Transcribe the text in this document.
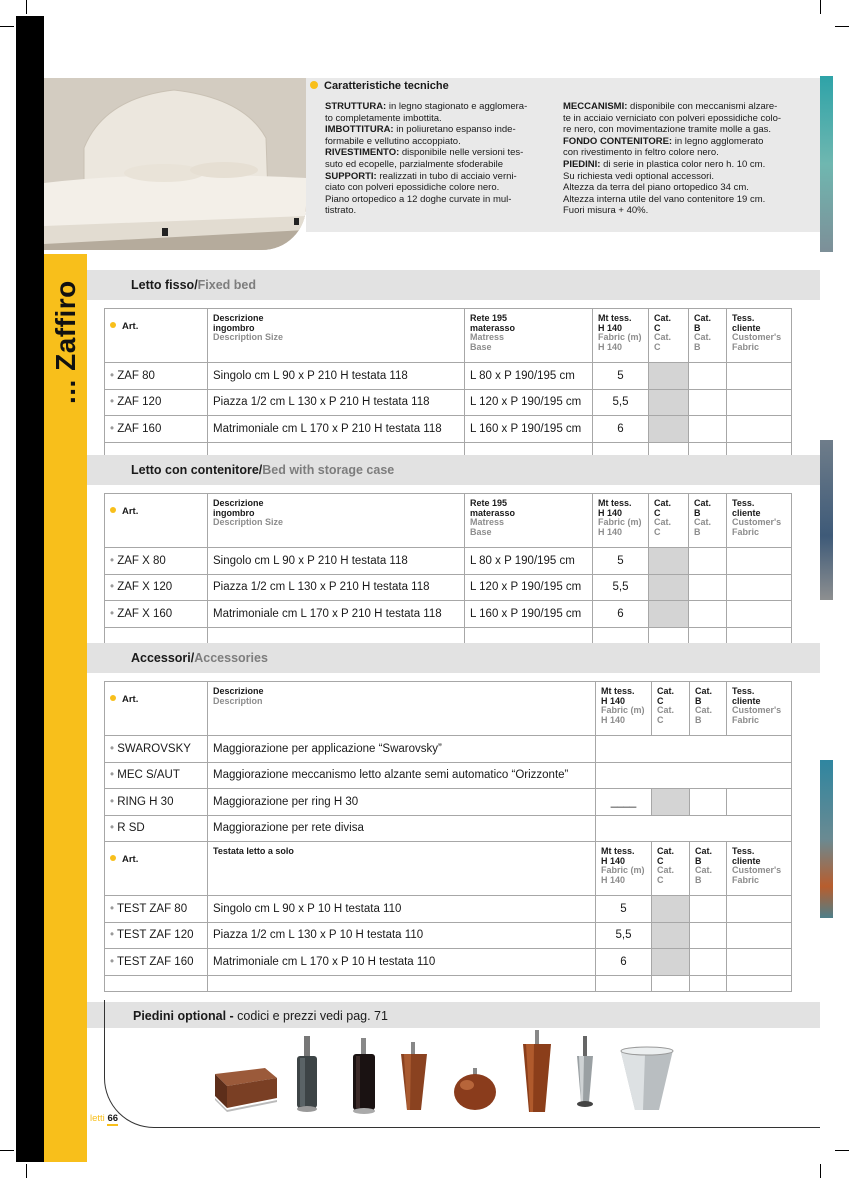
... Zaffiro
Caratteristiche tecniche
STRUTTURA: in legno stagionato e agglomera-
to completamente imbottita.
IMBOTTITURA: in poliuretano espanso inde-
formabile e vellutino accoppiato.
RIVESTIMENTO: disponibile nelle versioni tes-
suto ed ecopelle, parzialmente sfoderabile
SUPPORTI: realizzati in tubo di acciaio verni-
ciato con polveri epossidiche colore nero.
Piano ortopedico a 12 doghe curvate in mul-
tistrato.
MECCANISMI: disponibile con meccanismi alzare-
te in acciaio verniciato con polveri epossidiche colo-
re nero, con movimentazione tramite molle a gas.
FONDO CONTENITORE: in legno agglomerato
con rivestimento in feltro colore nero.
PIEDINI: di serie in plastica color nero h. 10 cm.
Su richiesta vedi optional accessori.
Altezza da terra del piano ortopedico 34 cm.
Altezza interna utile del vano contenitore 19 cm.
Fuori misura + 40%.
Letto fisso/Fixed bed
Art.	Descrizione
ingombro
Description Size	Rete 195
materasso
Matress
Base	Mt tess.
H 140
Fabric (m)
H 140	Cat.
C
Cat.
C	Cat.
B
Cat.
B	Tess.
cliente
Customer's
Fabric

• ZAF 80	Singolo cm L 90 x P 210 H testata 118	L 80 x P 190/195 cm	5			
• ZAF 120	Piazza 1/2 cm L 130 x P 210 H testata 118	L 120 x P 190/195 cm	5,5			
• ZAF 160	Matrimoniale cm L 170 x P 210 H testata 118	L 160 x P 190/195 cm	6			

Letto con contenitore/Bed with storage case
Art.	Descrizione
ingombro
Description Size	Rete 195
materasso
Matress
Base	Mt tess.
H 140
Fabric (m)
H 140	Cat.
C
Cat.
C	Cat.
B
Cat.
B	Tess.
cliente
Customer's
Fabric

• ZAF X 80	Singolo cm L 90 x P 210 H testata 118	L 80 x P 190/195 cm	5			
• ZAF X 120	Piazza 1/2 cm L 130 x P 210 H testata 118	L 120 x P 190/195 cm	5,5			
• ZAF X 160	Matrimoniale cm L 170 x P 210 H testata 118	L 160 x P 190/195 cm	6			

Accessori/Accessories
Art.	Descrizione
Description	Mt tess.
H 140
Fabric (m)
H 140	Cat.
C
Cat.
C	Cat.
B
Cat.
B	Tess.
cliente
Customer's
Fabric

• SWAROVSKY	Maggiorazione per applicazione “Swarovsky”				
• MEC S/AUT	Maggiorazione meccanismo letto alzante semi automatico “Orizzonte”				
• RING H 30	Maggiorazione per ring H 30	____			
• R SD	Maggiorazione per rete divisa				
Art.	Testata letto a solo	Mt tess.
H 140
Fabric (m)
H 140	Cat.
C
Cat.
C	Cat.
B
Cat.
B	Tess.
cliente
Customer's
Fabric

• TEST ZAF 80	Singolo cm L 90 x P 10 H testata 110	5			
• TEST ZAF 120	Piazza 1/2 cm L 130 x P 10 H testata 110	5,5			
• TEST ZAF 160	Matrimoniale cm L 170 x P 10 H testata 110	6			

Piedini optional - codici e prezzi vedi pag. 71
letti 66
